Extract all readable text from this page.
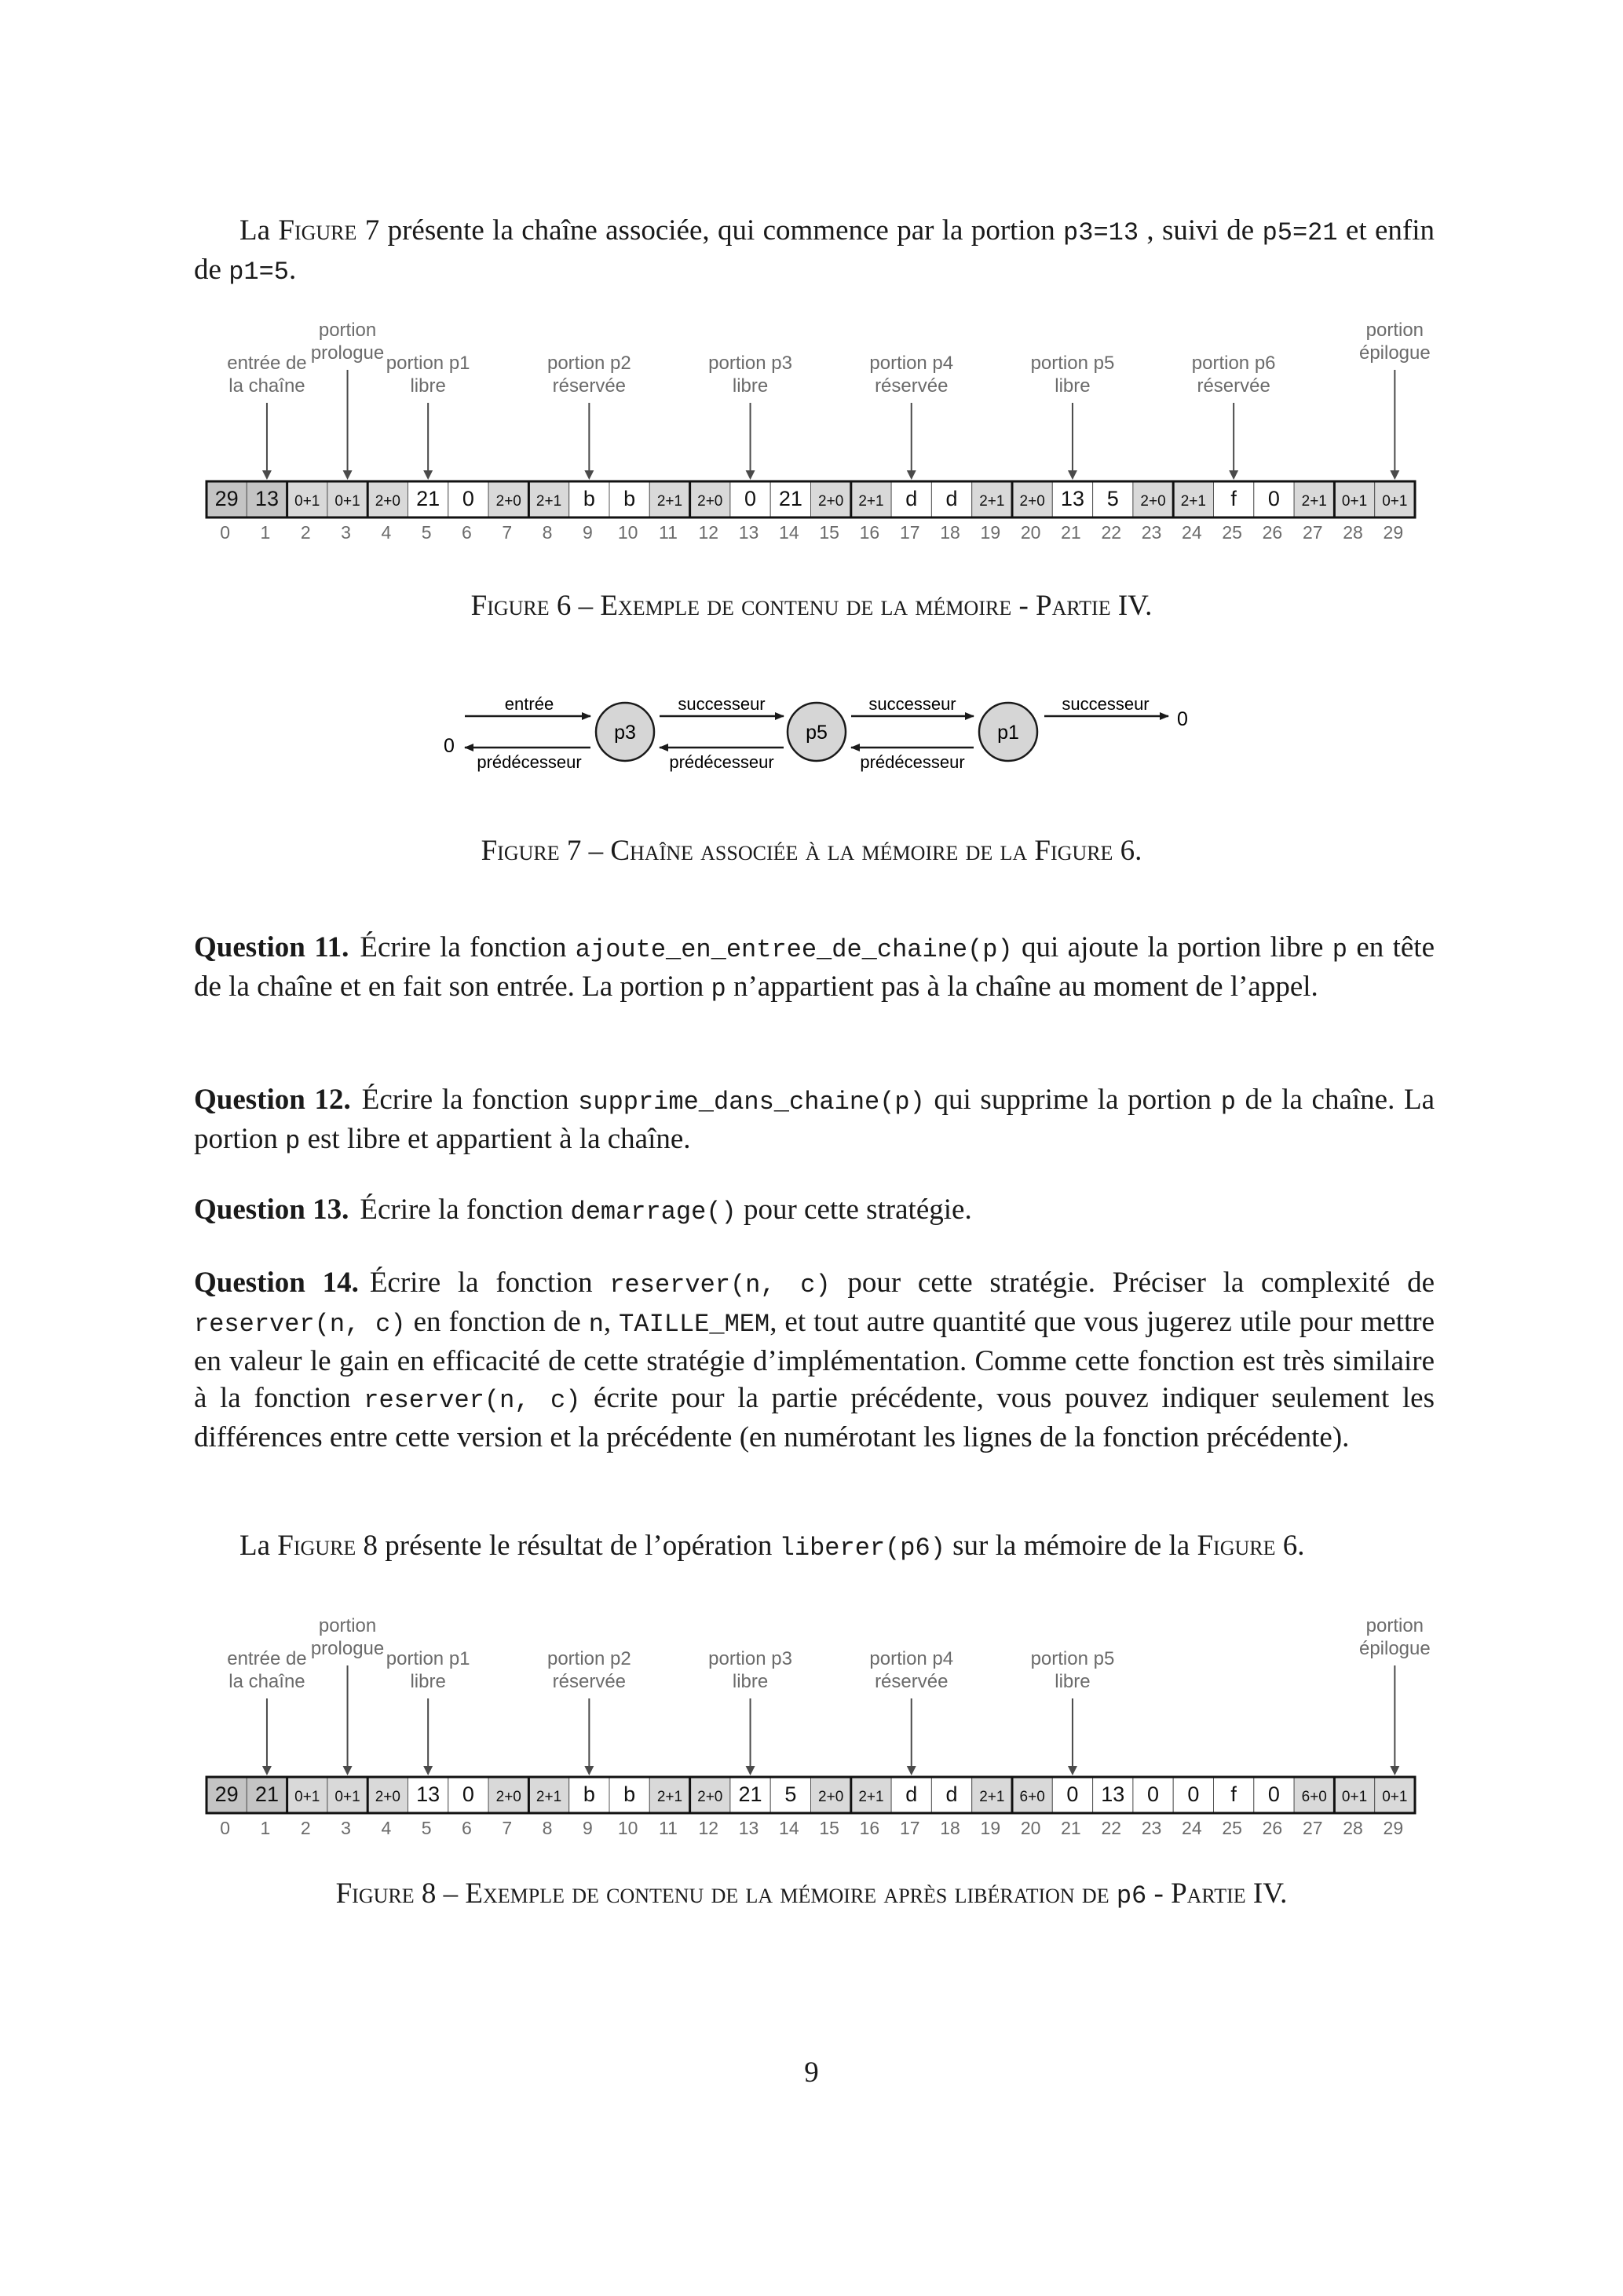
La Figure 7 présente la chaîne associée, qui commence par la portion p3=13 , suivi de p5=21 et enfin de p1=5.

entrée de
la chaîne
portion
prologue portion p1
libre
portion p2
réservée
portion p3
libre
portion p4
réservée
portion p5
libre
portion p6
réservée
portion
épilogue
29 13 0+1 0+1 2+0 21 0 2+0 2+1 b b 2+1 2+0 0 21 2+0 2+1 d d 2+1 2+0 13 5 2+0 2+1 f 0 2+1 0+1 0+1
0 1 2 3 4 5 6 7 8 9 10 11 12 13 14 15 16 17 18 19 20 21 22 23 24 25 26 27 28 29

Figure 6 – Exemple de contenu de la mémoire - Partie IV.

0
0
entrée
prédécesseur
p3
successeur
prédécesseur
p5
successeur
prédécesseur
p1
successeur

Figure 7 – Chaîne associée à la mémoire de la Figure 6.

Question 11. Écrire la fonction ajoute_en_entree_de_chaine(p) qui ajoute la portion libre p en tête de la chaîne et en fait son entrée. La portion p n’appartient pas à la chaîne au moment de l’appel.

Question 12. Écrire la fonction supprime_dans_chaine(p) qui supprime la portion p de la chaîne. La portion p est libre et appartient à la chaîne.

Question 13. Écrire la fonction demarrage() pour cette stratégie.

Question 14. Écrire la fonction reserver(n, c) pour cette stratégie. Préciser la complexité de reserver(n, c) en fonction de n, TAILLE_MEM, et tout autre quantité que vous jugerez utile pour mettre en valeur le gain en efficacité de cette stratégie d’implémentation. Comme cette fonction est très similaire à la fonction reserver(n, c) écrite pour la partie précédente, vous pouvez indiquer seulement les différences entre cette version et la précédente (en numérotant les lignes de la fonction précédente).

La Figure 8 présente le résultat de l’opération liberer(p6) sur la mémoire de la Figure 6.

entrée de
la chaîne
portion
prologue portion p1
libre
portion p2
réservée
portion p3
libre
portion p4
réservée
portion p5
libre
portion
épilogue
29 21 0+1 0+1 2+0 13 0 2+0 2+1 b b 2+1 2+0 21 5 2+0 2+1 d d 2+1 6+0 0 13 0 0 f 0 6+0 0+1 0+1
0 1 2 3 4 5 6 7 8 9 10 11 12 13 14 15 16 17 18 19 20 21 22 23 24 25 26 27 28 29

Figure 8 – Exemple de contenu de la mémoire après libération de p6 - Partie IV.

9
